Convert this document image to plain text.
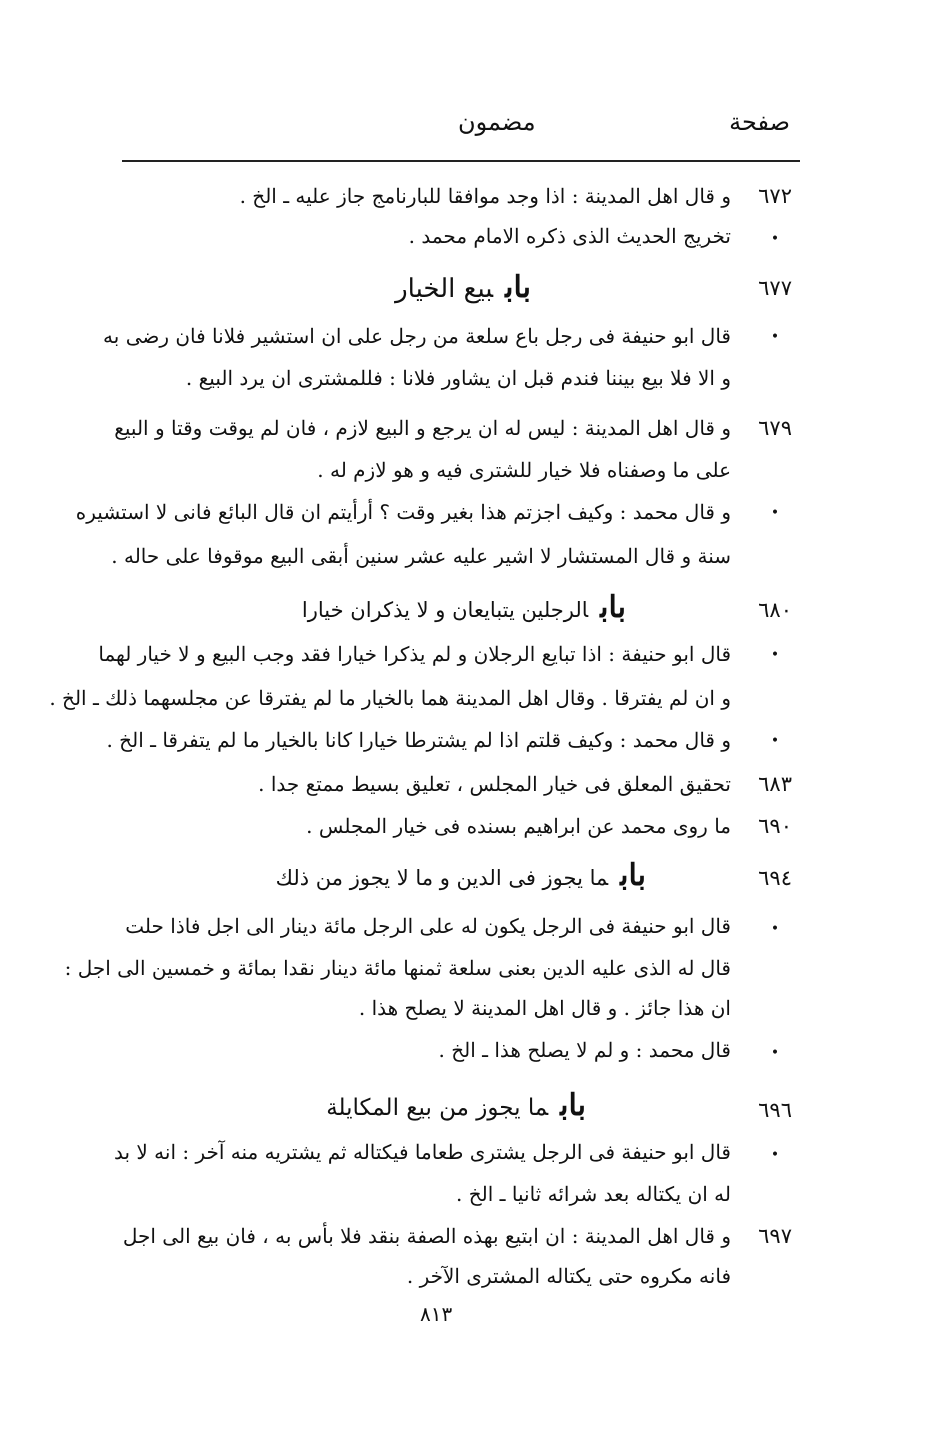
صفحة
مضمون
٦٧٢
و قال اهل المدينة : اذا وجد موافقا للبارنامج جاز عليه ـ الخ .
•
تخريج الحديث الذى ذكره الامام محمد .
٦٧٧
باببيع الخيار
•
قال ابو حنيفة فى رجل باع سلعة من رجل على ان استشير فلانا فان رضى به
و الا فلا بيع بيننا فندم قبل ان يشاور فلانا : فللمشترى ان يرد البيع .
٦٧٩
و قال اهل المدينة : ليس له ان يرجع و البيع لازم ، فان لم يوقت وقتا و البيع
على ما وصفناه فلا خيار للشترى فيه و هو لازم له .
•
و قال محمد : وكيف اجزتم هذا بغير وقت ؟ أرأيتم ان قال البائع فانى لا استشيره
سنة و قال المستشار لا اشير عليه عشر سنين أبقى البيع موقوفا على حاله .
٦٨٠
بابالرجلين يتبايعان و لا يذكران خيارا
•
قال ابو حنيفة : اذا تبايع الرجلان و لم يذكرا خيارا فقد وجب البيع و لا خيار لهما
و ان لم يفترقا . وقال اهل المدينة هما بالخيار ما لم يفترقا عن مجلسهما ذلك ـ الخ .
•
و قال محمد : وكيف قلتم اذا لم يشترطا خيارا كانا بالخيار ما لم يتفرقا ـ الخ .
٦٨٣
تحقيق المعلق فى خيار المجلس ، تعليق بسيط ممتع جدا .
٦٩٠
ما روى محمد عن ابراهيم بسنده فى خيار المجلس .
٦٩٤
بابما يجوز فى الدين و ما لا يجوز من ذلك
•
قال ابو حنيفة فى الرجل يكون له على الرجل مائة دينار الى اجل فاذا حلت
قال له الذى عليه الدين بعنى سلعة ثمنها مائة دينار نقدا بمائة و خمسين الى اجل :
ان هذا جائز . و قال اهل المدينة لا يصلح هذا .
•
قال محمد : و لم لا يصلح هذا ـ الخ .
٦٩٦
بابما يجوز من بيع المكايلة
•
قال ابو حنيفة فى الرجل يشترى طعاما فيكتاله ثم يشتريه منه آخر : انه لا بد
له ان يكتاله بعد شرائه ثانيا ـ الخ .
٦٩٧
و قال اهل المدينة : ان ابتيع بهذه الصفة بنقد فلا بأس به ، فان بيع الى اجل
فانه مكروه حتى يكتاله المشترى الآخر .
٨١٣
